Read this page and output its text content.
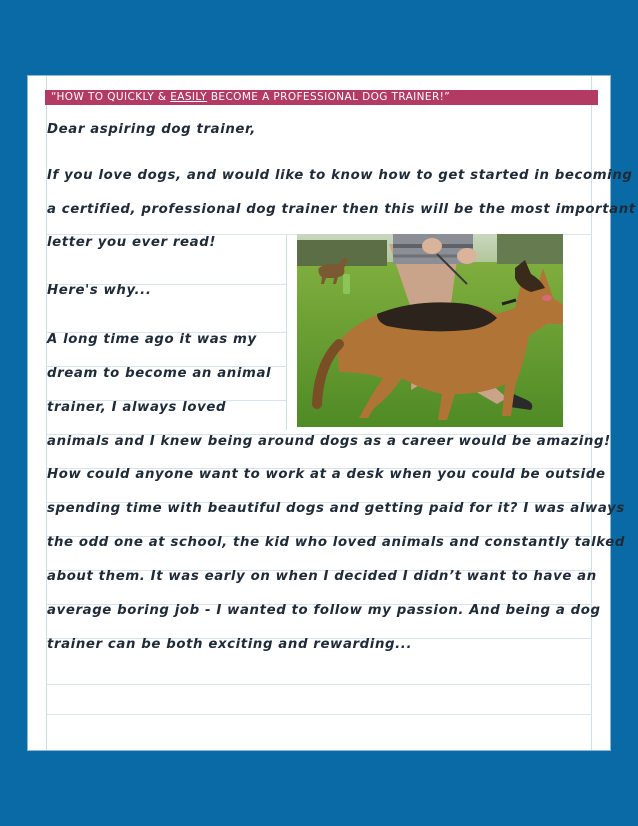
“HOW TO QUICKLY & EASILY BECOME A PROFESSIONAL DOG TRAINER!”
Dear aspiring dog trainer,
If you love dogs, and would like to know how to get started in becoming
a certified, professional dog trainer then this will be the most important
letter you ever read!
Here's why...
A long time ago it was my
dream to become an animal
trainer, I always loved
animals and I knew being around dogs as a career would be amazing!
How could anyone want to work at a desk when you could be outside
spending time with beautiful dogs and getting paid for it? I was always
the odd one at school, the kid who loved animals and constantly talked
about them. It was early on when I decided I didn’t want to have an
average boring job - I wanted to follow my passion. And being a dog
trainer can be both exciting and rewarding...
